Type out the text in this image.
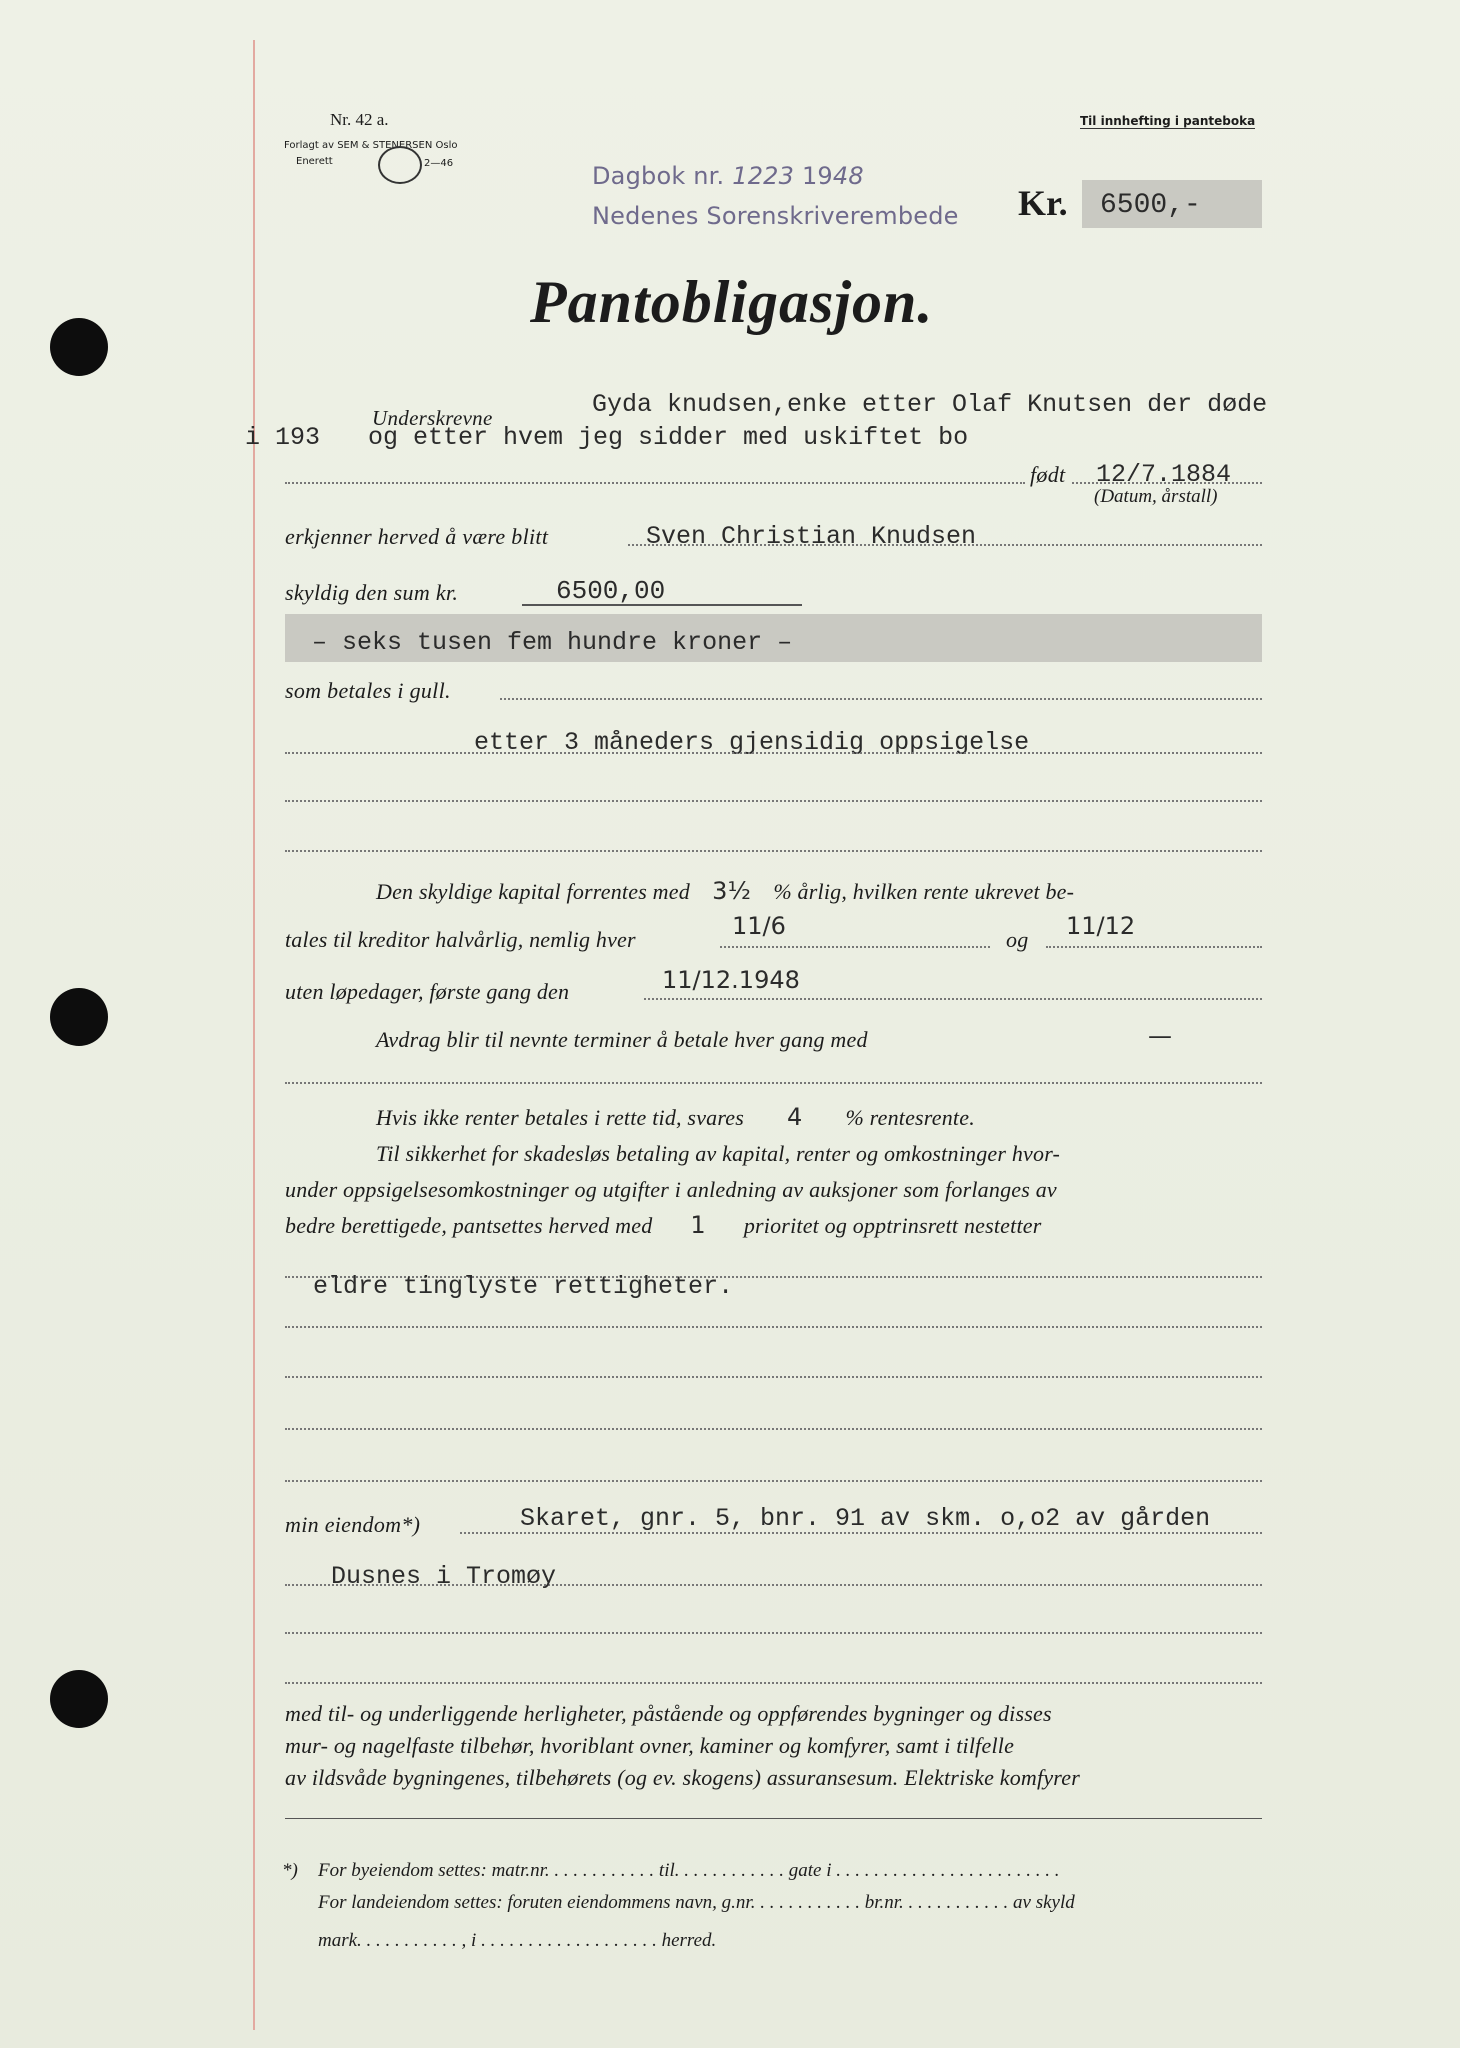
Nr. 42 a.
Forlagt av SEM & STENERSEN Oslo
Enerett	2—46
Til innhefting i panteboka
Dagbok nr. 1223 1948
Nedenes Sorenskriverembede Kr. 6500,-
Pantobligasjon.
Underskrevne	Gyda knudsen,enke etter Olaf Knutsen der døde
i 193 og etter hvem jeg sidder med uskiftet bo
født 12/7.1884
(Datum, årstall)
erkjenner herved å være blitt	Sven Christian Knudsen
skyldig den sum kr.	6500,00
– seks tusen fem hundre kroner –
som betales i gull.
etter 3 måneders gjensidig oppsigelse
Den skyldige kapital forrentes med 3½ % årlig, hvilken rente ukrevet be-
tales til kreditor halvårlig, nemlig hver	11/6	og 11/12
uten løpedager, første gang den	11/12.1948
Avdrag blir til nevnte terminer å betale hver gang med	—
Hvis ikke renter betales i rette tid, svares 4 % rentesrente.
Til sikkerhet for skadesløs betaling av kapital, renter og omkostninger hvor-
under oppsigelsesomkostninger og utgifter i anledning av auksjoner som forlanges av
bedre berettigede, pantsettes herved med 1 prioritet og opptrinsrett nestetter
eldre tinglyste rettigheter.
min eiendom*)	Skaret, gnr. 5, bnr. 91 av skm. o,o2 av gården
Dusnes i Tromøy
med til- og underliggende herligheter, påstående og oppførendes bygninger og disses
mur- og nagelfaste tilbehør, hvoriblant ovner, kaminer og komfyrer, samt i tilfelle
av ildsvåde bygningenes, tilbehørets (og ev. skogens) assuransesum. Elektriske komfyrer
*) For byeiendom settes: matr.nr. . . . . . . . . . . . til. . . . . . . . . . . . gate i . . . . . . . . . . . . . . . . . . . . . . . .
For landeiendom settes: foruten eiendommens navn, g.nr. . . . . . . . . . . . br.nr. . . . . . . . . . . . av skyld
mark. . . . . . . . . . . , i . . . . . . . . . . . . . . . . . . . herred.
